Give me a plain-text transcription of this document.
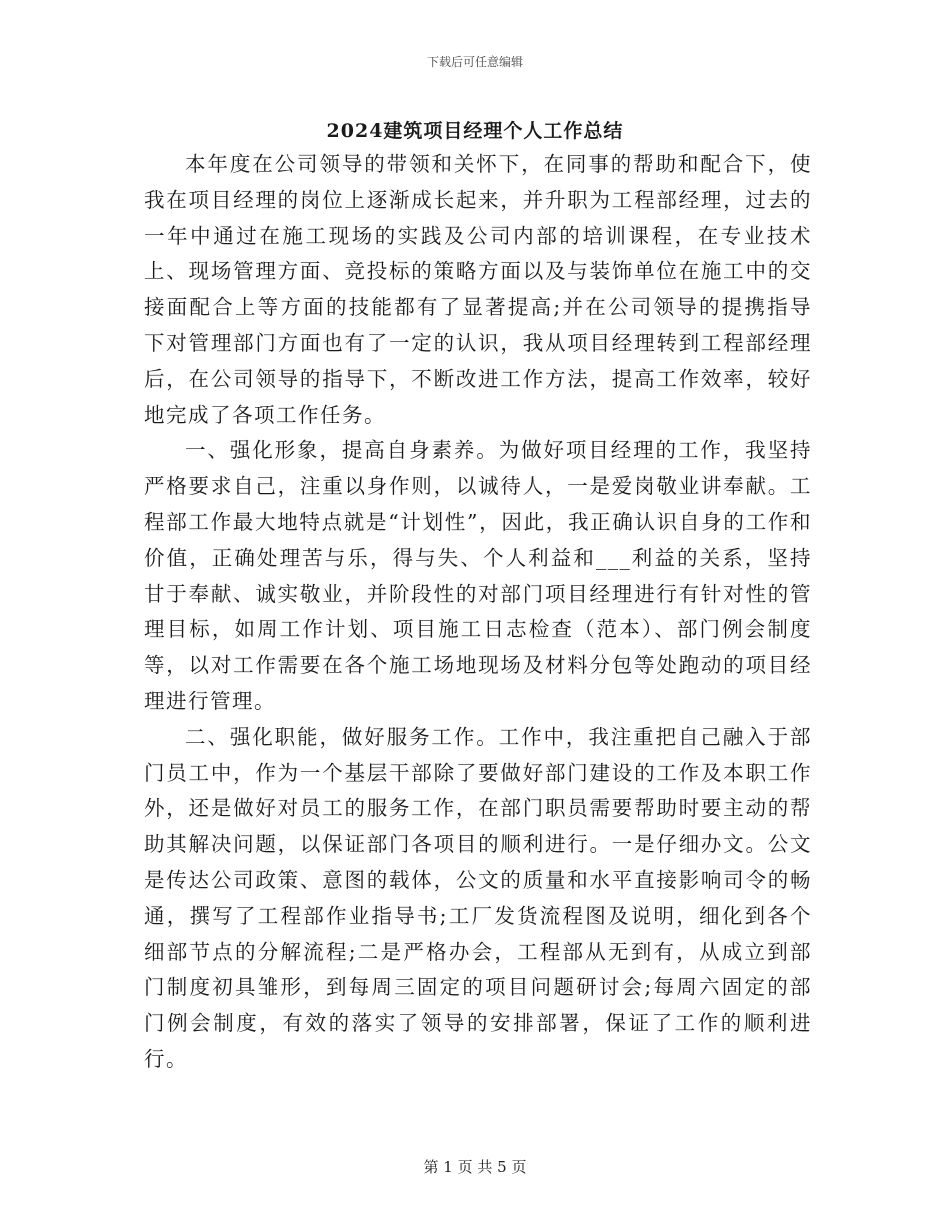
下载后可任意编辑
2024建筑项目经理个人工作总结

本年度在公司领导的带领和关怀下，在同事的帮助和配合下，使我在项目经理的岗位上逐渐成长起来，并升职为工程部经理，过去的一年中通过在施工现场的实践及公司内部的培训课程，在专业技术上、现场管理方面、竞投标的策略方面以及与装饰单位在施工中的交接面配合上等方面的技能都有了显著提高;并在公司领导的提携指导下对管理部门方面也有了一定的认识，我从项目经理转到工程部经理后，在公司领导的指导下，不断改进工作方法，提高工作效率，较好地完成了各项工作任务。

一、强化形象，提高自身素养。为做好项目经理的工作，我坚持严格要求自己，注重以身作则，以诚待人，一是爱岗敬业讲奉献。工程部工作最大地特点就是“计划性”，因此，我正确认识自身的工作和价值，正确处理苦与乐，得与失、个人利益和___利益的关系，坚持甘于奉献、诚实敬业，并阶段性的对部门项目经理进行有针对性的管理目标，如周工作计划、项目施工日志检查（范本）、部门例会制度等，以对工作需要在各个施工场地现场及材料分包等处跑动的项目经理进行管理。

二、强化职能，做好服务工作。工作中，我注重把自己融入于部门员工中，作为一个基层干部除了要做好部门建设的工作及本职工作外，还是做好对员工的服务工作，在部门职员需要帮助时要主动的帮助其解决问题，以保证部门各项目的顺利进行。一是仔细办文。公文是传达公司政策、意图的载体，公文的质量和水平直接影响司令的畅通，撰写了工程部作业指导书;工厂发货流程图及说明，细化到各个细部节点的分解流程;二是严格办会，工程部从无到有，从成立到部门制度初具雏形，到每周三固定的项目问题研讨会;每周六固定的部门例会制度，有效的落实了领导的安排部署，保证了工作的顺利进行。

第 1 页 共 5 页
